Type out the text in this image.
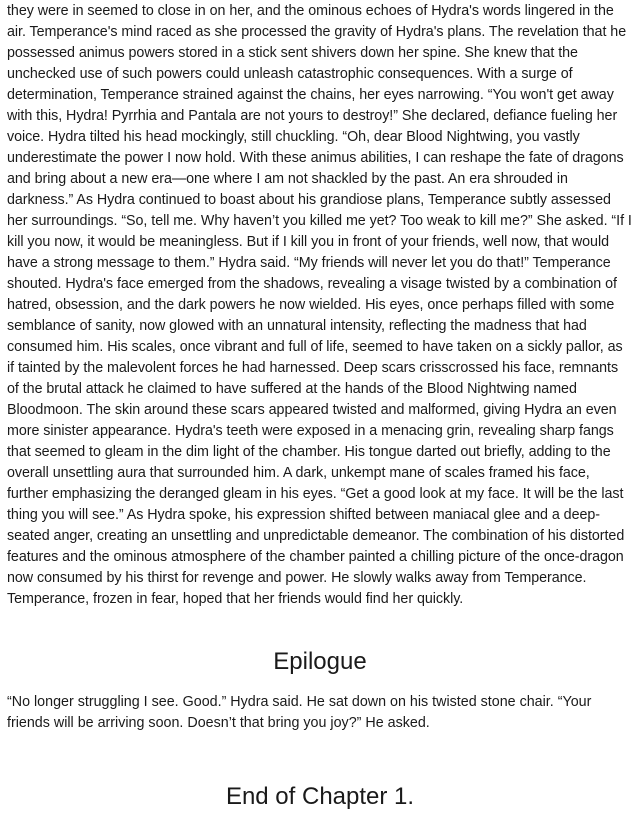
they were in seemed to close in on her, and the ominous echoes of Hydra's words lingered in the air. Temperance's mind raced as she processed the gravity of Hydra's plans. The revelation that he possessed animus powers stored in a stick sent shivers down her spine. She knew that the unchecked use of such powers could unleash catastrophic consequences. With a surge of determination, Temperance strained against the chains, her eyes narrowing. “You won't get away with this, Hydra! Pyrrhia and Pantala are not yours to destroy!” She declared, defiance fueling her voice. Hydra tilted his head mockingly, still chuckling. “Oh, dear Blood Nightwing, you vastly underestimate the power I now hold. With these animus abilities, I can reshape the fate of dragons and bring about a new era—one where I am not shackled by the past. An era shrouded in darkness.” As Hydra continued to boast about his grandiose plans, Temperance subtly assessed her surroundings. “So, tell me. Why haven’t you killed me yet? Too weak to kill me?” She asked. “If I kill you now, it would be meaningless. But if I kill you in front of your friends, well now, that would have a strong message to them.” Hydra said. “My friends will never let you do that!” Temperance shouted. Hydra's face emerged from the shadows, revealing a visage twisted by a combination of hatred, obsession, and the dark powers he now wielded. His eyes, once perhaps filled with some semblance of sanity, now glowed with an unnatural intensity, reflecting the madness that had consumed him. His scales, once vibrant and full of life, seemed to have taken on a sickly pallor, as if tainted by the malevolent forces he had harnessed. Deep scars crisscrossed his face, remnants of the brutal attack he claimed to have suffered at the hands of the Blood Nightwing named Bloodmoon. The skin around these scars appeared twisted and malformed, giving Hydra an even more sinister appearance. Hydra's teeth were exposed in a menacing grin, revealing sharp fangs that seemed to gleam in the dim light of the chamber. His tongue darted out briefly, adding to the overall unsettling aura that surrounded him. A dark, unkempt mane of scales framed his face, further emphasizing the deranged gleam in his eyes. “Get a good look at my face. It will be the last thing you will see.” As Hydra spoke, his expression shifted between maniacal glee and a deep-seated anger, creating an unsettling and unpredictable demeanor. The combination of his distorted features and the ominous atmosphere of the chamber painted a chilling picture of the once-dragon now consumed by his thirst for revenge and power. He slowly walks away from Temperance. Temperance, frozen in fear, hoped that her friends would find her quickly.

Epilogue

“No longer struggling I see. Good.” Hydra said. He sat down on his twisted stone chair. “Your friends will be arriving soon. Doesn’t that bring you joy?” He asked.

End of Chapter 1.
